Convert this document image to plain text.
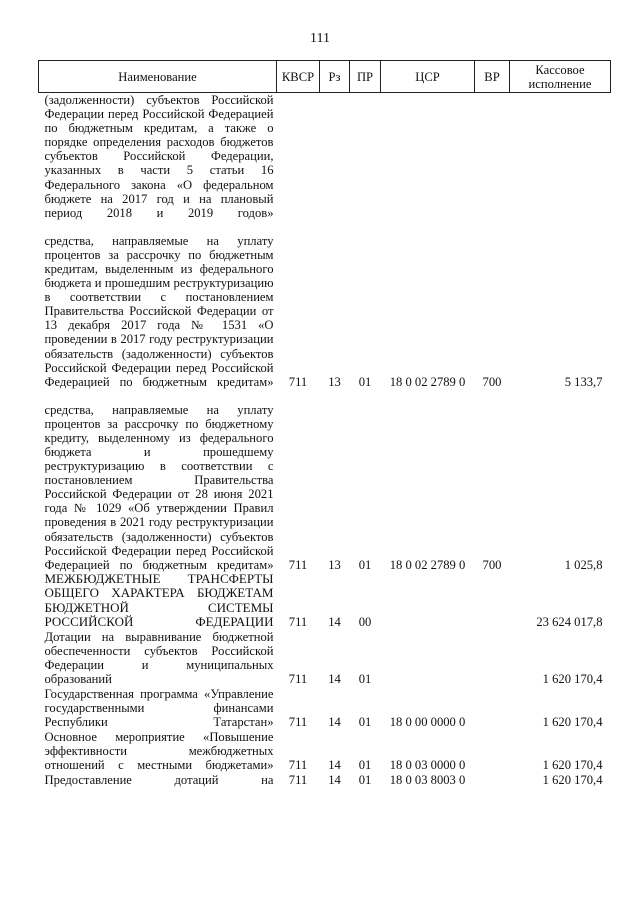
111
Наименование	КВСР	Рз	ПР	ЦСР	ВР	Кассовое исполнение
(задолженности) субъектов Российской Федерации перед Российской Федерацией по бюджетным кредитам, а также о порядке определения расходов бюджетов субъектов Российской Федерации, указанных в части 5 статьи 16 Федерального закона «О федеральном бюджете на 2017 год и на плановый период 2018 и 2019 годов»						
средства, направляемые на уплату процентов за рассрочку по бюджетным кредитам, выделенным из федерального бюджета и прошедшим реструктуризацию в соответствии с постановлением Правительства Российской Федерации от 13 декабря 2017 года № 1531 «О проведении в 2017 году реструктуризации обязательств (задолженности) субъектов Российской Федерации перед Российской Федерацией по бюджетным кредитам»	711	13	01	18 0 02 2789 0	700	5 133,7
средства, направляемые на уплату процентов за рассрочку по бюджетному кредиту, выделенному из федерального бюджета и прошедшему реструктуризацию в соответствии с постановлением Правительства Российской Федерации от 28 июня 2021 года № 1029 «Об утверждении Правил проведения в 2021 году реструктуризации обязательств (задолженности) субъектов Российской Федерации перед Российской Федерацией по бюджетным кредитам»	711	13	01	18 0 02 2789 0	700	1 025,8
МЕЖБЮДЖЕТНЫЕ ТРАНСФЕРТЫ ОБЩЕГО ХАРАКТЕРА БЮДЖЕТАМ БЮДЖЕТНОЙ СИСТЕМЫ РОССИЙСКОЙ ФЕДЕРАЦИИ	711	14	00			23 624 017,8
Дотации на выравнивание бюджетной обеспеченности субъектов Российской Федерации и муниципальных образований	711	14	01			1 620 170,4
Государственная программа «Управление государственными финансами Республики Татарстан»	711	14	01	18 0 00 0000 0		1 620 170,4
Основное мероприятие «Повышение эффективности межбюджетных отношений с местными бюджетами»	711	14	01	18 0 03 0000 0		1 620 170,4
Предоставление дотаций на	711	14	01	18 0 03 8003 0		1 620 170,4
